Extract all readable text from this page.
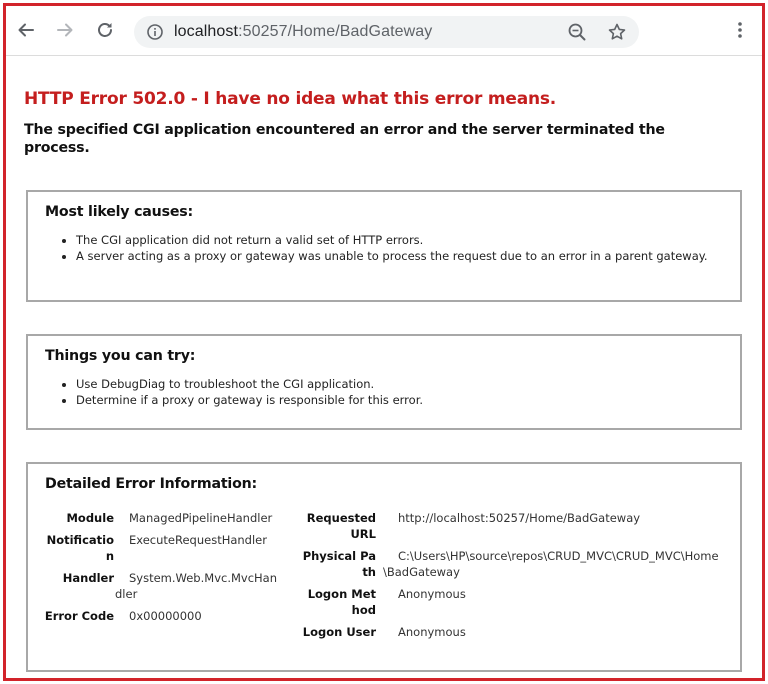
localhost:50257/Home/BadGateway
HTTP Error 502.0 - I have no idea what this error means.
The specified CGI application encountered an error and the server terminated the process.
Most likely causes:
• The CGI application did not return a valid set of HTTP errors.
• A server acting as a proxy or gateway was unable to process the request due to an error in a parent gateway.
Things you can try:
• Use DebugDiag to troubleshoot the CGI application.
• Determine if a proxy or gateway is responsible for this error.
Detailed Error Information:
Module ManagedPipelineHandler
Notification
ExecuteRequestHandler
Handler	System.Web.Mvc.MvcHandler
Error Code 0x00000000
Requested URL
http://localhost:50257/Home/BadGateway
Physical Path
C:\Users\HP\source\repos\CRUD_MVC\CRUD_MVC\Home\BadGateway
Logon Method
Anonymous
Logon User Anonymous
